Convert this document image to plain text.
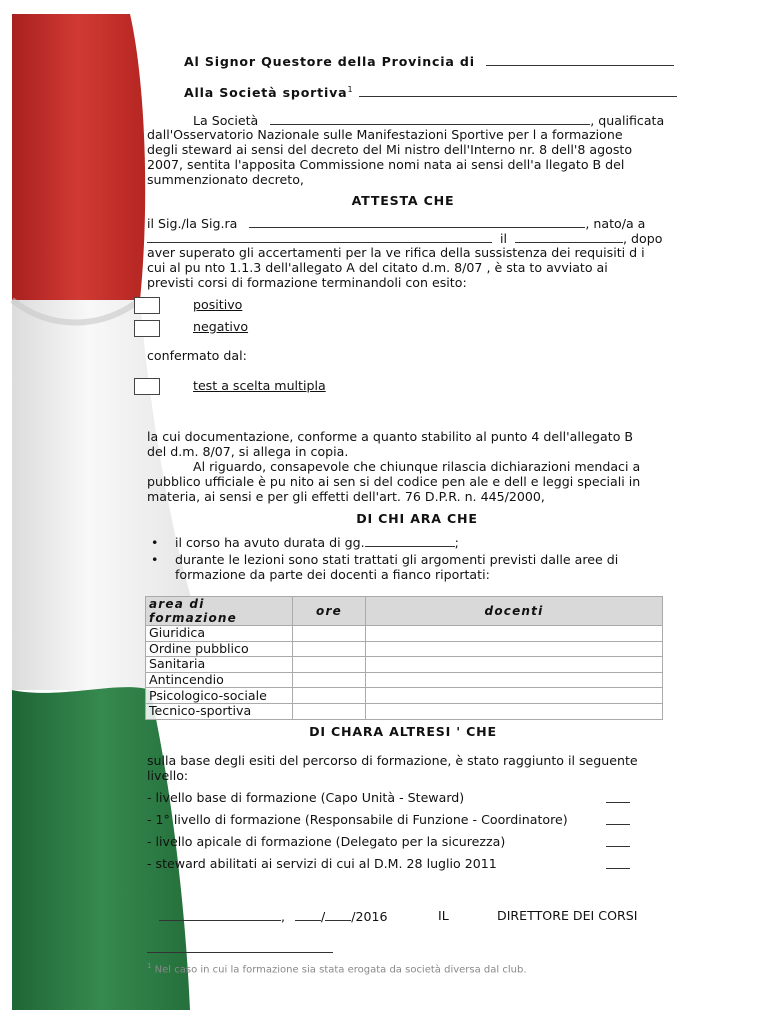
Al Signor Questore della Provincia di
Alla Società sportiva$^1$
La Società	, qualificata
dall'Osservatorio Nazionale sulle Manifestazioni Sportive per l a formazione
degli steward ai sensi del decreto del Mi nistro dell'Interno nr. 8 dell'8 agosto
2007, sentita l'apposita Commissione nomi nata ai sensi dell'a llegato B del
summenzionato decreto,
ATTESTA CHE
il Sig./la Sig.ra	, nato/a a
il	, dopo
aver superato gli accertamenti per la ve rifica della sussistenza dei requisiti d i
cui al pu nto 1.1.3 dell'allegato A del citato d.m. 8/07 , è sta to avviato ai
previsti corsi di formazione terminandoli con esito:
positivo
negativo
confermato dal:
test a scelta multipla
la cui documentazione, conforme a quanto stabilito al punto 4 dell'allegato B
del d.m. 8/07, si allega in copia.
Al riguardo, consapevole che chiunque rilascia dichiarazioni mendaci a
pubblico ufficiale è pu nito ai sen si del codice pen ale e dell e leggi speciali in
materia, ai sensi e per gli effetti dell'art. 76 D.P.R. n. 445/2000,
DI CHI ARA CHE
• il corso ha avuto durata di gg.	;
• durante le lezioni sono stati trattati gli argomenti previsti dalle aree di
formazione da parte dei docenti a fianco riportati:
area di formazione	ore	docenti
Giuridica		
Ordine pubblico		
Sanitaria		
Antincendio		
Psicologico-sociale		
Tecnico-sportiva		
DI CHARA ALTRESI ' CHE
sulla base degli esiti del percorso di formazione, è stato raggiunto il seguente
livello:
- livello base di formazione (Capo Unità - Steward)
- 1° livello di formazione (Responsabile di Funzione - Coordinatore)
- livello apicale di formazione (Delegato per la sicurezza)
- steward abilitati ai servizi di cui al D.M. 28 luglio 2011
,	/ /2016	IL	DIRETTORE DEI CORSI
$^1$ Nel caso in cui la formazione sia stata erogata da società diversa dal club.
